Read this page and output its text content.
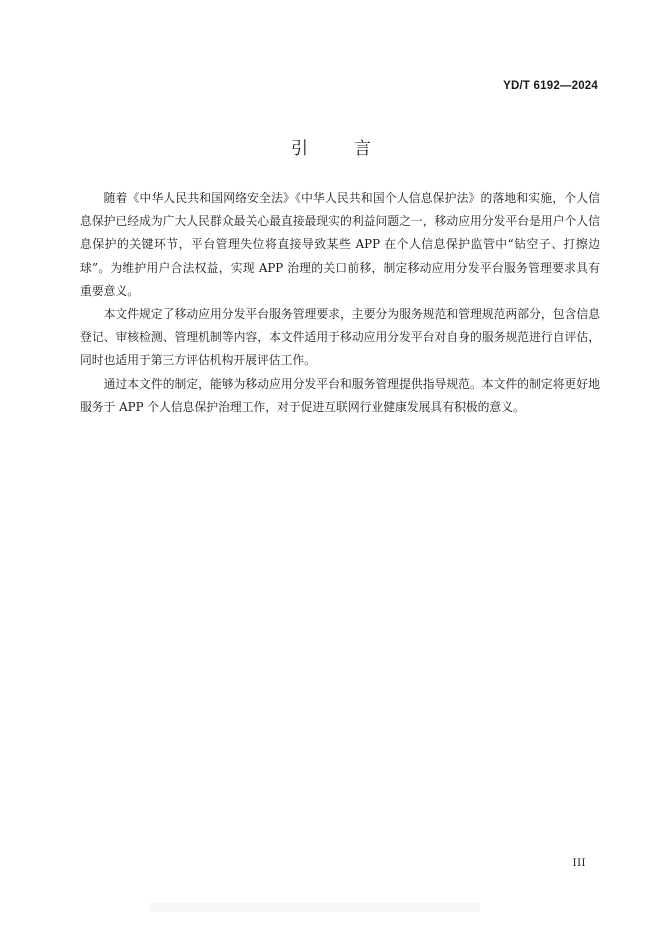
YD/T 6192—2024
引	言

随着《中华人民共和国网络安全法》《中华人民共和国个人信息保护法》的落地和实施，个人信息保护已经成为广大人民群众最关心最直接最现实的利益问题之一，移动应用分发平台是用户个人信息保护的关键环节，平台管理失位将直接导致某些 APP 在个人信息保护监管中“钻空子、打擦边球”。为维护用户合法权益，实现 APP 治理的关口前移，制定移动应用分发平台服务管理要求具有重要意义。

本文件规定了移动应用分发平台服务管理要求，主要分为服务规范和管理规范两部分，包含信息登记、审核检测、管理机制等内容，本文件适用于移动应用分发平台对自身的服务规范进行自评估，同时也适用于第三方评估机构开展评估工作。

通过本文件的制定，能够为移动应用分发平台和服务管理提供指导规范。本文件的制定将更好地服务于 APP 个人信息保护治理工作，对于促进互联网行业健康发展具有积极的意义。

III
